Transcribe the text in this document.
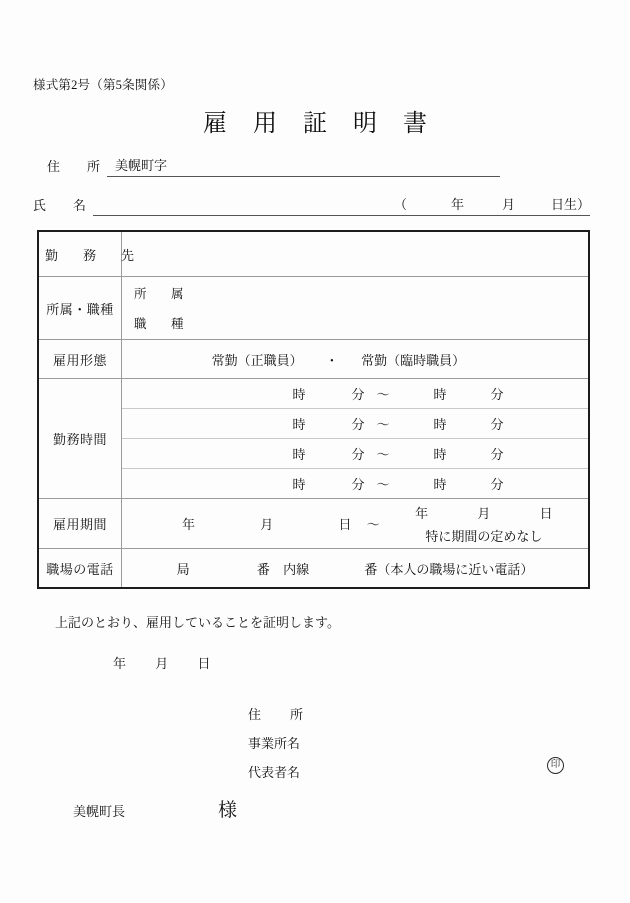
様式第2号（第5条関係）
雇用証明書
住　所 美幌町字
氏　名	（	年	月	日生）
勤　務　先	
所属・職種	所　属
職　種

雇用形態	常勤（正職員） ・ 常勤（臨時職員）
勤務時間	
時	分 〜	時	分
時	分 〜	時	分
時	分 〜	時	分
時	分 〜	時	分

雇用期間	年 月 日 〜
年 月 日
特に期間の定めなし

職場の電話	局 番 内線 番（本人の職場に近い電話）
上記のとおり、雇用していることを証明します。
年 月 日
住　所
事業所名
代表者名	印
美幌町長	様
